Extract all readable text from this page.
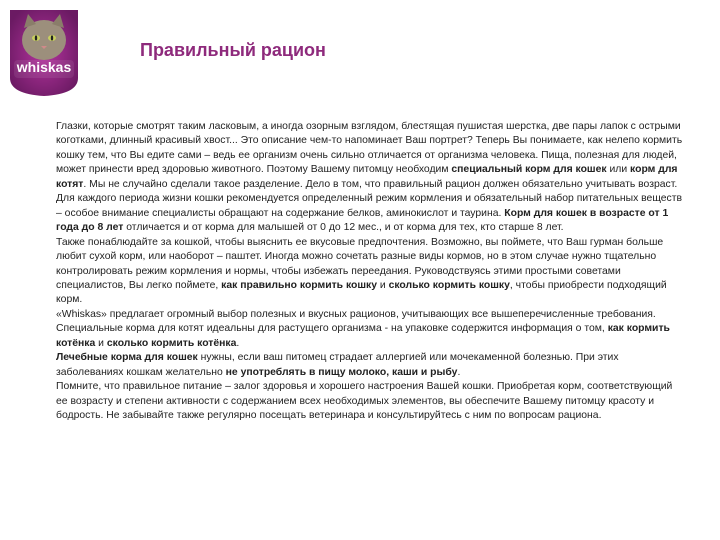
whiskas
Правильный рацион

Глазки, которые смотрят таким ласковым, а иногда озорным взглядом, блестящая пушистая шерстка, две пары лапок с острыми коготками, длинный красивый хвост... Это описание чем-то напоминает Ваш портрет? Теперь Вы понимаете, как нелепо кормить кошку тем, что Вы едите сами – ведь ее организм очень сильно отличается от организма человека. Пища, полезная для людей, может принести вред здоровью животного. Поэтому Вашему питомцу необходим специальный корм для кошек или корм для котят. Мы не случайно сделали такое разделение. Дело в том, что правильный рацион должен обязательно учитывать возраст. Для каждого периода жизни кошки рекомендуется определенный режим кормления и обязательный набор питательных веществ – особое внимание специалисты обращают на содержание белков, аминокислот и таурина. Корм для кошек в возрасте от 1 года до 8 лет отличается и от корма для малышей от 0 до 12 мес., и от корма для тех, кто старше 8 лет.

Также понаблюдайте за кошкой, чтобы выяснить ее вкусовые предпочтения. Возможно, вы поймете, что Ваш гурман больше любит сухой корм, или наоборот – паштет. Иногда можно сочетать разные виды кормов, но в этом случае нужно тщательно контролировать режим кормления и нормы, чтобы избежать переедания. Руководствуясь этими простыми советами специалистов, Вы легко поймете, как правильно кормить кошку и сколько кормить кошку, чтобы приобрести подходящий корм.

«Whiskas» предлагает огромный выбор полезных и вкусных рационов, учитывающих все вышеперечисленные требования. Специальные корма для котят идеальны для растущего организма - на упаковке содержится информация о том, как кормить котёнка и сколько кормить котёнка.

Лечебные корма для кошек нужны, если ваш питомец страдает аллергией или мочекаменной болезнью. При этих заболеваниях кошкам желательно не употреблять в пищу молоко, каши и рыбу.

Помните, что правильное питание – залог здоровья и хорошего настроения Вашей кошки. Приобретая корм, соответствующий ее возрасту и степени активности с содержанием всех необходимых элементов, вы обеспечите Вашему питомцу красоту и бодрость. Не забывайте также регулярно посещать ветеринара и консультируйтесь с ним по вопросам рациона.
